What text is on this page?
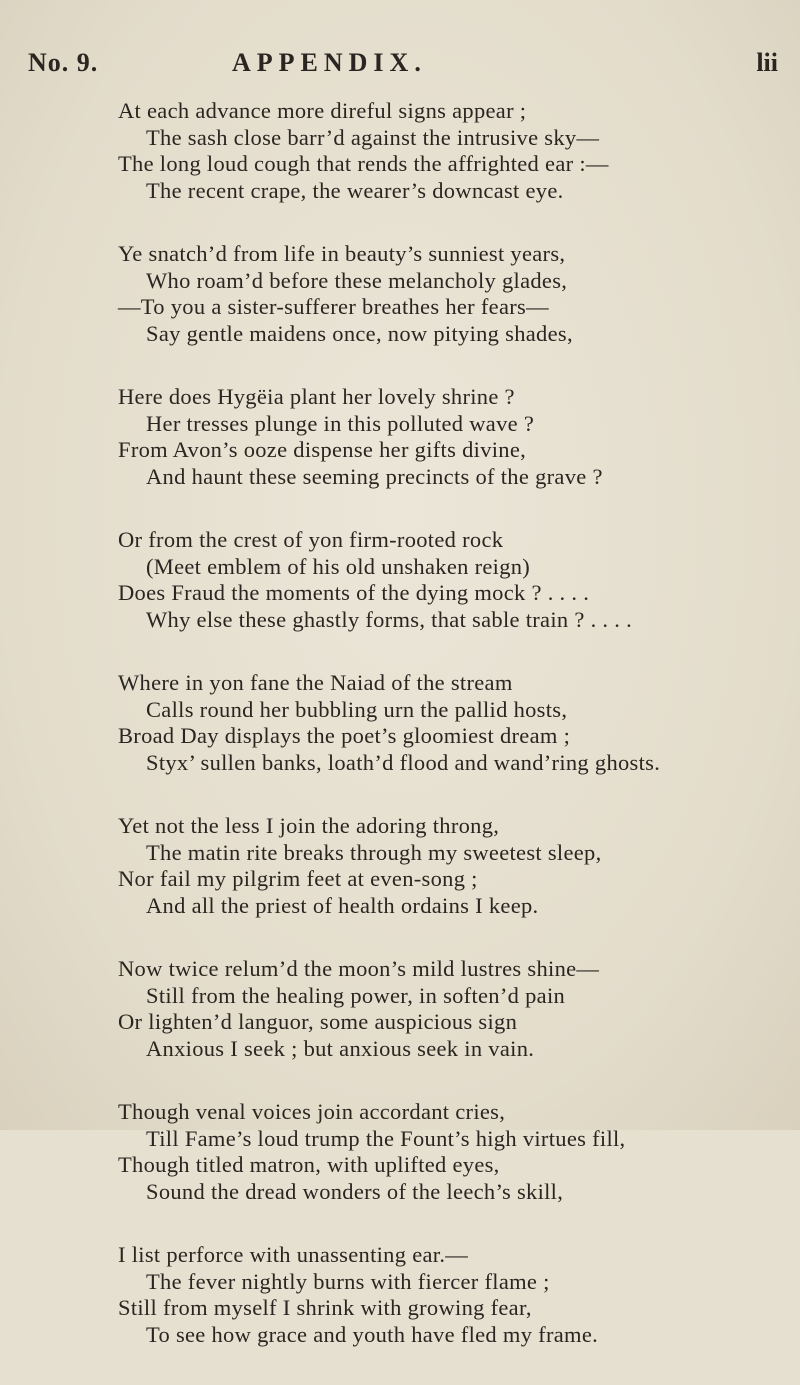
No. 9.	APPENDIX.	lii
At each advance more direful signs appear ;
The sash close barr’d against the intrusive sky—
The long loud cough that rends the affrighted ear :—
The recent crape, the wearer’s downcast eye.
Ye snatch’d from life in beauty’s sunniest years,
Who roam’d before these melancholy glades,
—To you a sister-sufferer breathes her fears—
Say gentle maidens once, now pitying shades,
Here does Hygëia plant her lovely shrine ?
Her tresses plunge in this polluted wave ?
From Avon’s ooze dispense her gifts divine,
And haunt these seeming precincts of the grave ?
Or from the crest of yon firm-rooted rock
(Meet emblem of his old unshaken reign)
Does Fraud the moments of the dying mock ? . . . .
Why else these ghastly forms, that sable train ? . . . .
Where in yon fane the Naiad of the stream
Calls round her bubbling urn the pallid hosts,
Broad Day displays the poet’s gloomiest dream ;
Styx’ sullen banks, loath’d flood and wand’ring ghosts.
Yet not the less I join the adoring throng,
The matin rite breaks through my sweetest sleep,
Nor fail my pilgrim feet at even-song ;
And all the priest of health ordains I keep.
Now twice relum’d the moon’s mild lustres shine—
Still from the healing power, in soften’d pain
Or lighten’d languor, some auspicious sign
Anxious I seek ; but anxious seek in vain.
Though venal voices join accordant cries,
Till Fame’s loud trump the Fount’s high virtues fill,
Though titled matron, with uplifted eyes,
Sound the dread wonders of the leech’s skill,
I list perforce with unassenting ear.—
The fever nightly burns with fiercer flame ;
Still from myself I shrink with growing fear,
To see how grace and youth have fled my frame.
